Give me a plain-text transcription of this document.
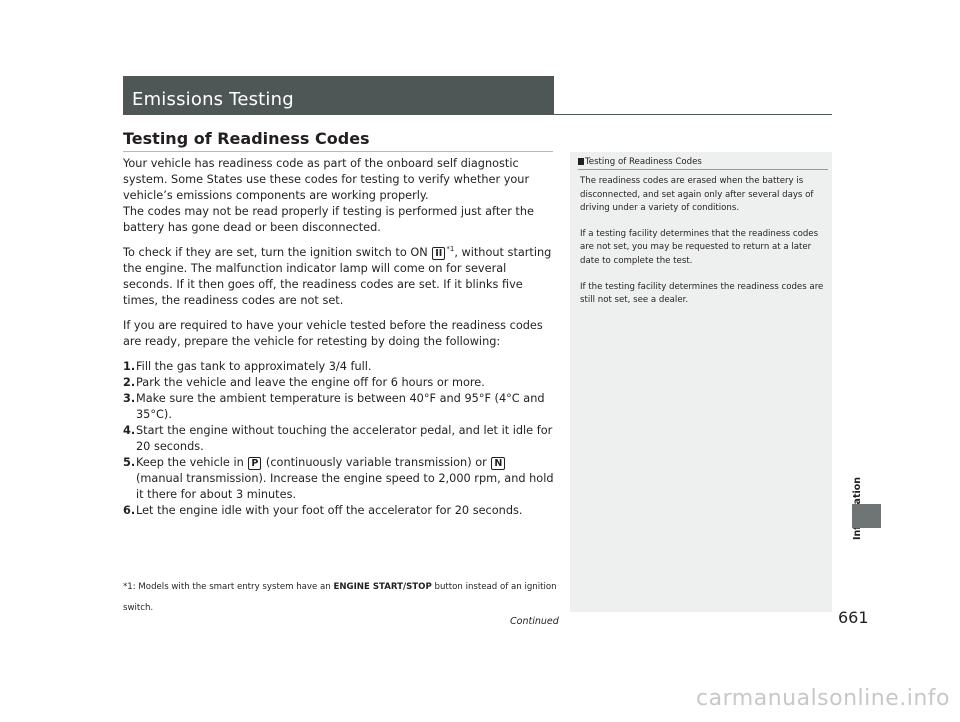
Emissions Testing
Testing of Readiness Codes

Your vehicle has readiness code as part of the onboard self diagnostic system. Some States use these codes for testing to verify whether your vehicle’s emissions components are working properly.

The codes may not be read properly if testing is performed just after the battery has gone dead or been disconnected.

To check if they are set, turn the ignition switch to ON II $^{*1}$, without starting the engine. The malfunction indicator lamp will come on for several seconds. If it then goes off, the readiness codes are set. If it blinks five times, the readiness codes are not set.

If you are required to have your vehicle tested before the readiness codes are ready, prepare the vehicle for retesting by doing the following:

1. Fill the gas tank to approximately 3/4 full.
2. Park the vehicle and leave the engine off for 6 hours or more.
3. Make sure the ambient temperature is between 40°F and 95°F (4°C and 35°C).
4. Start the engine without touching the accelerator pedal, and let it idle for 20 seconds.
5. Keep the vehicle in P (continuously variable transmission) or N (manual transmission). Increase the engine speed to 2,000 rpm, and hold it there for about 3 minutes.
6. Let the engine idle with your foot off the accelerator for 20 seconds.
*1: Models with the smart entry system have an ENGINE START/STOP button instead of an ignition switch.
Testing of Readiness Codes

The readiness codes are erased when the battery is disconnected, and set again only after several days of driving under a variety of conditions.

If a testing facility determines that the readiness codes are not set, you may be requested to return at a later date to complete the test.

If the testing facility determines the readiness codes are still not set, see a dealer.

Continued	661
carmanualsonline.info
